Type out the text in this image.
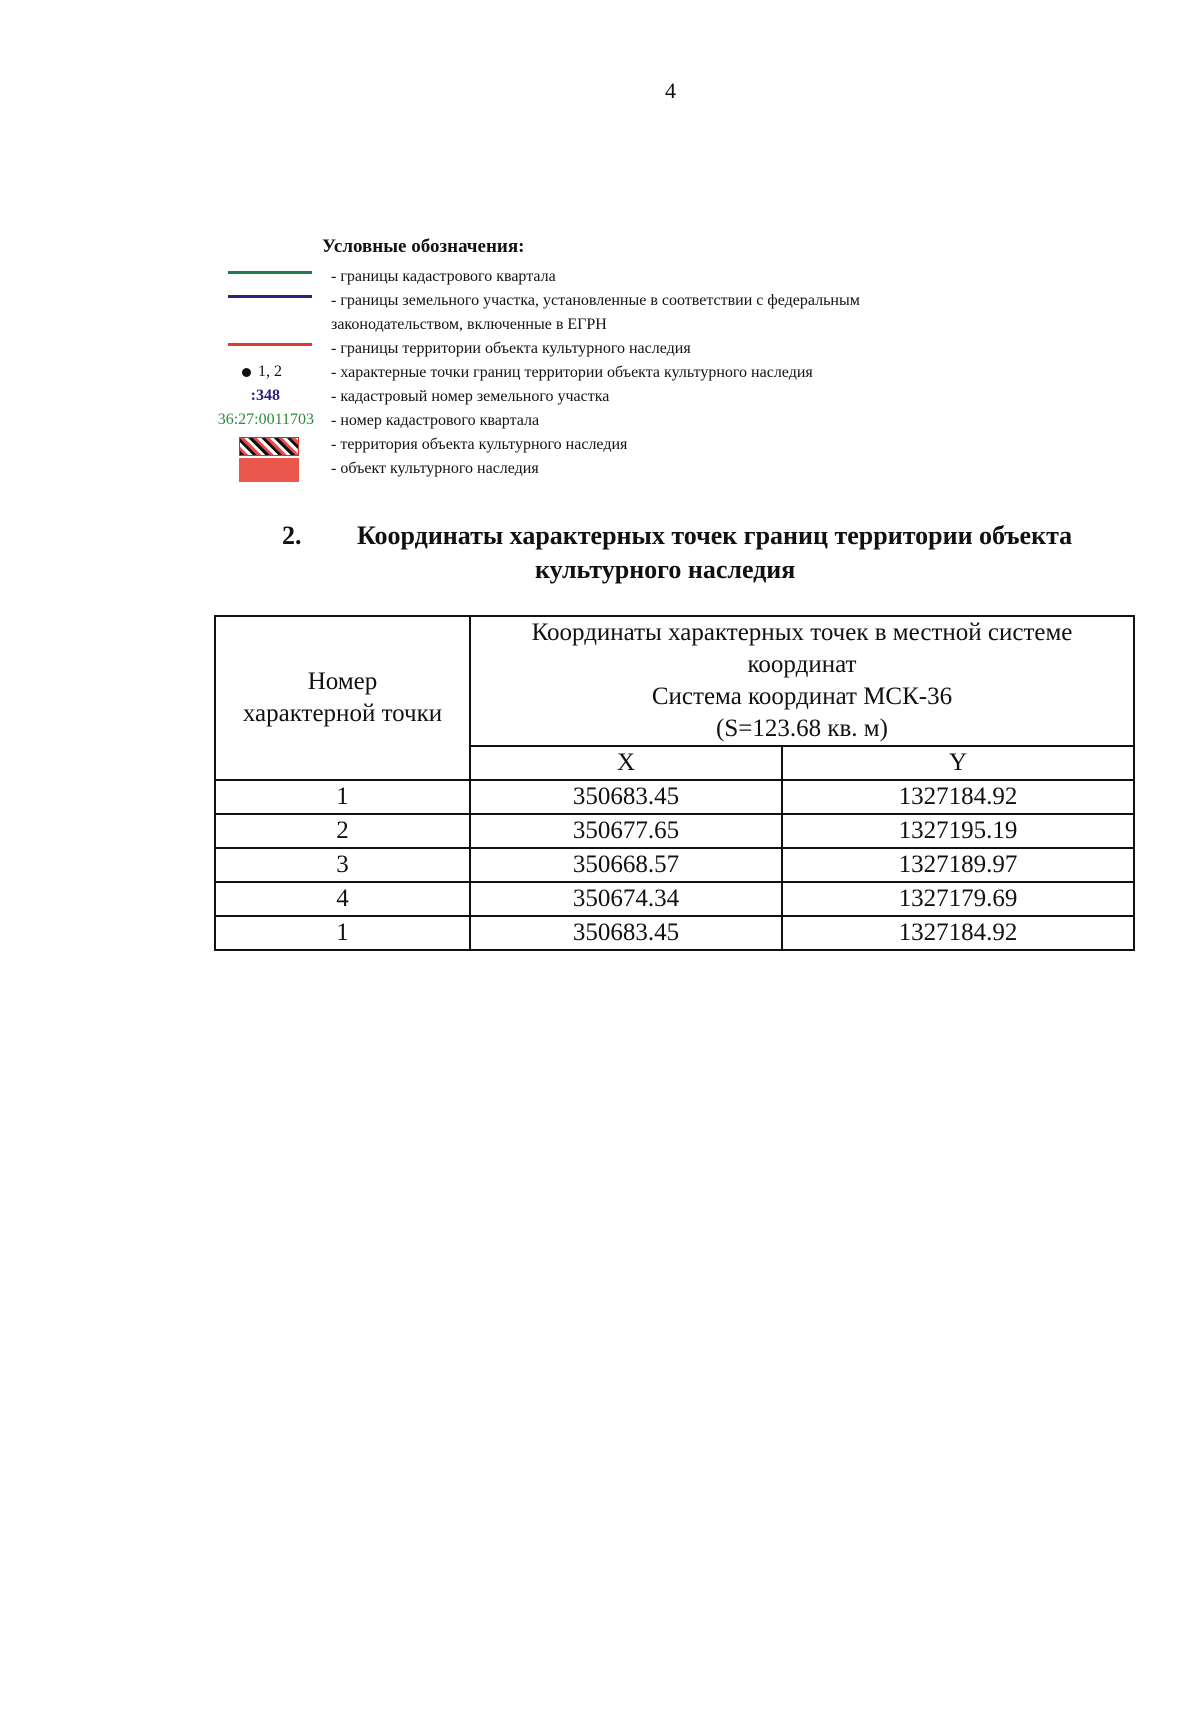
4
Условные обозначения:
- границы кадастрового квартала
- границы земельного участка, установленные в соответствии с федеральным
законодательством, включенные в ЕГРН
- границы территории объекта культурного наследия
1, 2	- характерные точки границ территории объекта культурного наследия
:348	- кадастровый номер земельного участка
36:27:0011703 - номер кадастрового квартала
- территория объекта культурного наследия
- объект культурного наследия
2. Координаты характерных точек границ территории объекта
культурного наследия
Номер
характерной точки	Координаты характерных точек в местной системе
координат
Система координат МСК-36
(S=123.68 кв. м)	

	X	Y
1	350683.45	1327184.92
2	350677.65	1327195.19
3	350668.57	1327189.97
4	350674.34	1327179.69
1	350683.45	1327184.92
